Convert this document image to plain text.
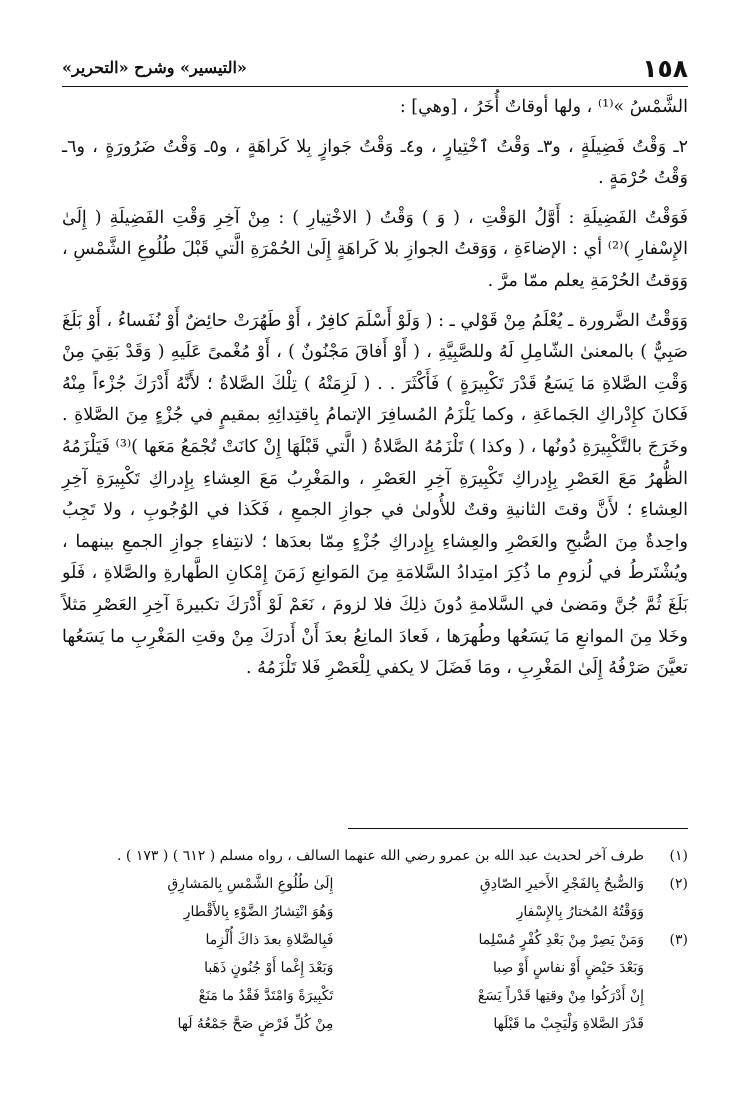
١٥٨
«التيسير» وشرح «التحرير»

الشَّمْسُ »⁽¹⁾ ، ولها أوقاتٌ أُخَرُ ، [وهي] :

٢ـ وَقْتُ فَضِيلَةٍ ، و٣ـ وَقْتُ ٱخْتِيارٍ ، و٤ـ وَقْتُ جَوازٍ بِلا كَراهَةٍ ، و٥ـ وَقْتُ ضَرُورَةٍ ، و٦ـ وَقْتُ حُرْمَةٍ .

فَوَقْتُ الفَضِيلَةِ : أَوَّلُ الوَقْتِ ، ( وَ ) وَقْتُ ( الاخْتِيارِ ) : مِنْ آخِرِ وَقْتِ الفَضِيلَةِ ( إِلَىٰ الإِسْفارِ )⁽²⁾ أي : الإضاءَةِ ، وَوَقتُ الجوازِ بلا كَراهَةٍ إِلَىٰ الحُمْرَةِ الَّتي قَبْلَ طُلُوعِ الشَّمْسِ ، وَوَقتُ الحُرْمَةِ يعلم ممّا مرَّ .

وَوَقْتُ الضَّرورة ـ يُعْلَمُ مِنْ قَوْلي ـ : ( وَلَوْ أَسْلَمَ كافِرٌ ، أَوْ طَهُرَتْ حائِضٌ أَوْ نُفَساءُ ، أَوْ بَلَغَ صَبِيٌّ ) بالمعنىٰ الشّامِلِ لَهُ وللصَّبِيَّةِ ، ( أَوْ أَفاقَ مَجْنُونٌ ) ، أَوْ مُغْمىً عَلَيهِ ( وَقَدْ بَقِيَ مِنْ وَقْتِ الصَّلاةِ مَا يَسَعُ قَدْرَ تَكْبِيرَةٍ ) فَأَكْثَرَ . . ( لَزِمَتْهُ ) تِلْكَ الصَّلاةُ ؛ لأَنَّهُ أَدْرَكَ جُزْءاً مِنْهُ فَكانَ كإِدْراكِ الجَماعَةِ ، وكما يَلْزَمُ المُسافِرَ الإتمامُ بِاقتِدائِهِ بمقيمٍ في جُزْءٍ مِنَ الصَّلاةِ . وخَرَجَ بالتَّكْبِيرَةِ دُونُها ، ( وكذا ) تَلْزَمُهُ الصَّلاةُ ( الَّتي قَبْلَهَا إِنْ كانَتْ تُجْمَعُ مَعَها )⁽³⁾ فَيَلْزَمُهُ الظُّهرُ مَعَ العَصْرِ بِإِدراكِ تَكْبِيرَةِ آخِرِ العَصْرِ ، والمَغْرِبُ مَعَ العِشاءِ بِإِدراكِ تَكْبِيرَةِ آخِرِ العِشاءِ ؛ لأَنَّ وقتَ الثانيةِ وقتٌ للأُولىٰ في جوازِ الجمعِ ، فَكَذا في الوُجُوبِ ، ولا تَجِبُ واحِدةٌ مِنَ الصُّبحِ والعَصْرِ والعِشاءِ بِإِدراكِ جُزْءٍ مِمّا بعدَها ؛ لانتِفاءِ جوازِ الجمعِ بينهما ، ويُشْتَرطُ في لُزومِ ما ذُكِرَ امتِدادُ السَّلامَةِ مِنَ المَوانِعِ زَمَنَ إِمْكانِ الطَّهارةِ والصَّلاةِ ، فَلَو بَلَغَ ثُمَّ جُنَّ ومَضىٰ في السَّلامةِ دُونَ ذلِكَ فلا لزومَ ، نَعَمْ لَوْ أَدْرَكَ تكبيرةَ آخِرِ العَصْرِ مَثلاً وخَلا مِنَ الموانعِ مَا يَسَعُها وطُهرَها ، فَعادَ المانِعُ بعدَ أَنْ أَدرَكَ مِنْ وقتِ المَغْرِبِ ما يَسَعُها تعيَّنَ صَرْفُهُ إِلَىٰ المَغْرِبِ ، ومَا فَضَلَ لا يكفي لِلْعَصْرِ فَلا تَلْزَمُهُ .

(١)
طرف آخر لحديث عبد الله بن عمرو رضي الله عنهما السالف ، رواه مسلم ( ٦١٢ ) ( ١٧٣ ) .
(٢)
وَالصُّبحُ بِالفَجْرِ الأَخيرِ الصّادِقِ
إِلَىٰ طُلُوعِ الشَّمْسِ بِالمَشارِقِ
وَوَقْتُهُ المُختارُ بِالإِسْفارِ
وَهُوَ انْتِشارُ الضَّوْءِ بِالأَقْطارِ
(٣)
وَمَنْ يَصِرْ مِنْ بَعْدِ كُفْرٍ مُسْلِما
فَبِالصَّلاةِ بعدَ ذاكَ أُلْزِما
وَبَعْدَ حَيْضٍ أَوْ نفاسٍ أَوْ صِبا
وَبَعْدَ إِغْما أَوْ جُنُونٍ ذَهَبا
إِنْ أَدْرَكُوا مِنْ وقتِها قَدْراً يَسَعْ
تَكْبِيرَةً وَامْتَدَّ فَقْدُ ما مَنَعْ
قَدْرَ الصَّلاةِ وَلْيَجِبْ ما قَبْلَها
مِنْ كُلِّ فَرْضٍ صَحَّ جَمْعُهُ لَها
